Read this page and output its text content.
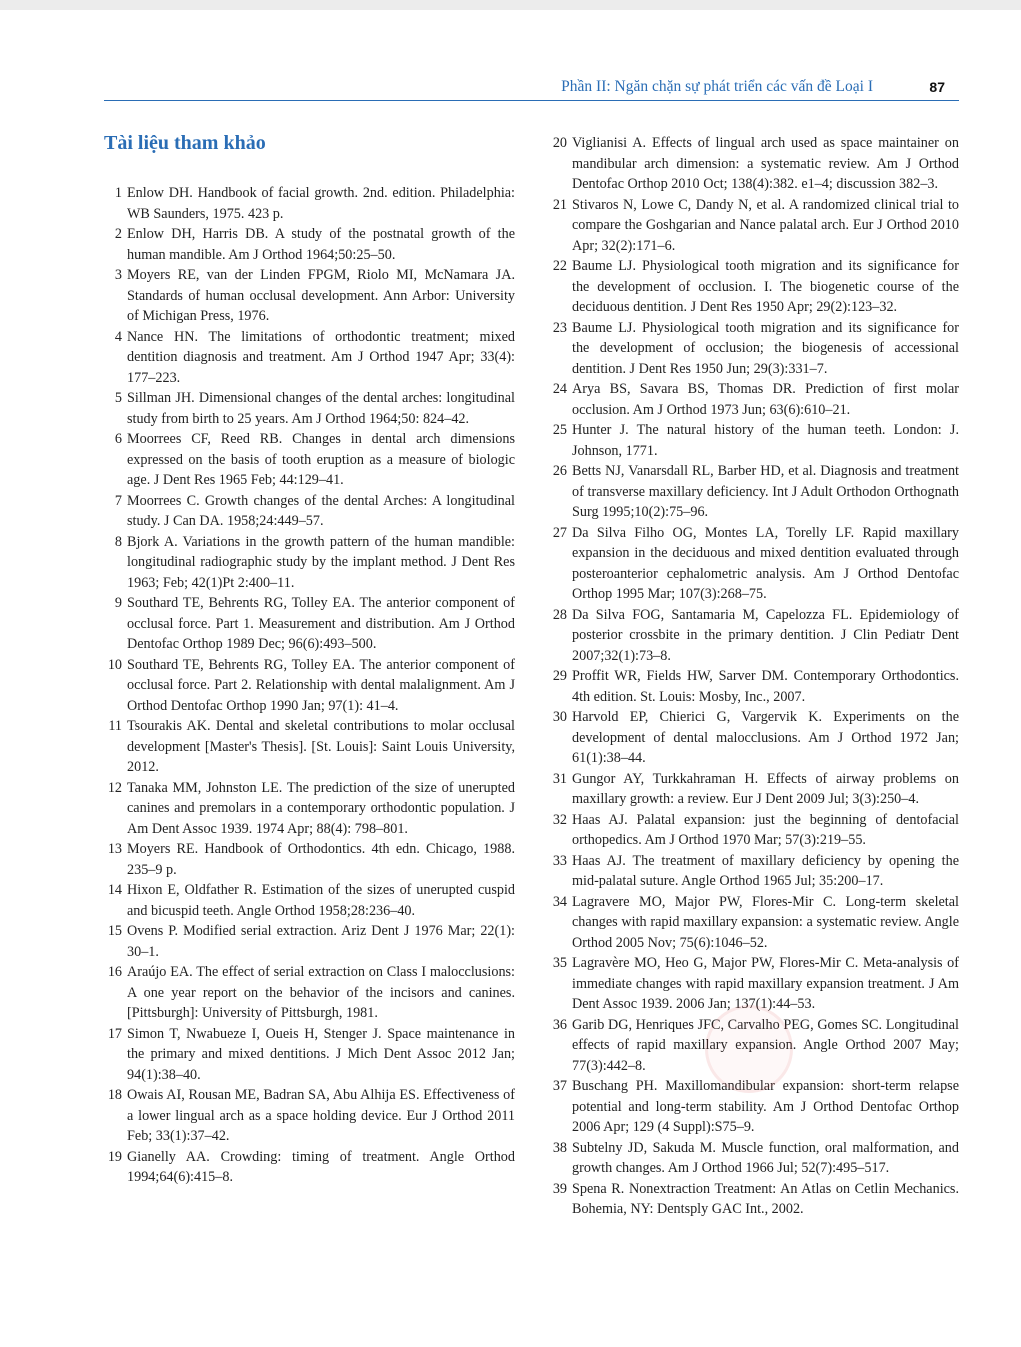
Phần II: Ngăn chặn sự phát triển các vấn đề Loại I	87
Tài liệu tham khảo
1 Enlow DH. Handbook of facial growth. 2nd. edition. Philadelphia: WB Saunders, 1975. 423 p.
2 Enlow DH, Harris DB. A study of the postnatal growth of the human mandible. Am J Orthod 1964;50:25–50.
3 Moyers RE, van der Linden FPGM, Riolo MI, McNamara JA. Standards of human occlusal development. Ann Arbor: University of Michigan Press, 1976.
4 Nance HN. The limitations of orthodontic treatment; mixed dentition diagnosis and treatment. Am J Orthod 1947 Apr; 33(4): 177–223.
5 Sillman JH. Dimensional changes of the dental arches: longitudinal study from birth to 25 years. Am J Orthod 1964;50: 824–42.
6 Moorrees CF, Reed RB. Changes in dental arch dimensions expressed on the basis of tooth eruption as a measure of biologic age. J Dent Res 1965 Feb; 44:129–41.
7 Moorrees C. Growth changes of the dental Arches: A longitudinal study. J Can DA. 1958;24:449–57.
8 Bjork A. Variations in the growth pattern of the human mandible: longitudinal radiographic study by the implant method. J Dent Res 1963; Feb; 42(1)Pt 2:400–11.
9 Southard TE, Behrents RG, Tolley EA. The anterior component of occlusal force. Part 1. Measurement and distribution. Am J Orthod Dentofac Orthop 1989 Dec; 96(6):493–500.
10 Southard TE, Behrents RG, Tolley EA. The anterior component of occlusal force. Part 2. Relationship with dental malalignment. Am J Orthod Dentofac Orthop 1990 Jan; 97(1): 41–4.
11 Tsourakis AK. Dental and skeletal contributions to molar occlusal development [Master's Thesis]. [St. Louis]: Saint Louis University, 2012.
12 Tanaka MM, Johnston LE. The prediction of the size of unerupted canines and premolars in a contemporary orthodontic population. J Am Dent Assoc 1939. 1974 Apr; 88(4): 798–801.
13 Moyers RE. Handbook of Orthodontics. 4th edn. Chicago, 1988. 235–9 p.
14 Hixon E, Oldfather R. Estimation of the sizes of unerupted cuspid and bicuspid teeth. Angle Orthod 1958;28:236–40.
15 Ovens P. Modified serial extraction. Ariz Dent J 1976 Mar; 22(1): 30–1.
16 Araújo EA. The effect of serial extraction on Class I malocclusions: A one year report on the behavior of the incisors and canines. [Pittsburgh]: University of Pittsburgh, 1981.
17 Simon T, Nwabueze I, Oueis H, Stenger J. Space maintenance in the primary and mixed dentitions. J Mich Dent Assoc 2012 Jan; 94(1):38–40.
18 Owais AI, Rousan ME, Badran SA, Abu Alhija ES. Effectiveness of a lower lingual arch as a space holding device. Eur J Orthod 2011 Feb; 33(1):37–42.
19 Gianelly AA. Crowding: timing of treatment. Angle Orthod 1994;64(6):415–8.
20 Viglianisi A. Effects of lingual arch used as space maintainer on mandibular arch dimension: a systematic review. Am J Orthod Dentofac Orthop 2010 Oct; 138(4):382. e1–4; discussion 382–3.
21 Stivaros N, Lowe C, Dandy N, et al. A randomized clinical trial to compare the Goshgarian and Nance palatal arch. Eur J Orthod 2010 Apr; 32(2):171–6.
22 Baume LJ. Physiological tooth migration and its significance for the development of occlusion. I. The biogenetic course of the deciduous dentition. J Dent Res 1950 Apr; 29(2):123–32.
23 Baume LJ. Physiological tooth migration and its significance for the development of occlusion; the biogenesis of accessional dentition. J Dent Res 1950 Jun; 29(3):331–7.
24 Arya BS, Savara BS, Thomas DR. Prediction of first molar occlusion. Am J Orthod 1973 Jun; 63(6):610–21.
25 Hunter J. The natural history of the human teeth. London: J. Johnson, 1771.
26 Betts NJ, Vanarsdall RL, Barber HD, et al. Diagnosis and treatment of transverse maxillary deficiency. Int J Adult Orthodon Orthognath Surg 1995;10(2):75–96.
27 Da Silva Filho OG, Montes LA, Torelly LF. Rapid maxillary expansion in the deciduous and mixed dentition evaluated through posteroanterior cephalometric analysis. Am J Orthod Dentofac Orthop 1995 Mar; 107(3):268–75.
28 Da Silva FOG, Santamaria M, Capelozza FL. Epidemiology of posterior crossbite in the primary dentition. J Clin Pediatr Dent 2007;32(1):73–8.
29 Proffit WR, Fields HW, Sarver DM. Contemporary Orthodontics. 4th edition. St. Louis: Mosby, Inc., 2007.
30 Harvold EP, Chierici G, Vargervik K. Experiments on the development of dental malocclusions. Am J Orthod 1972 Jan; 61(1):38–44.
31 Gungor AY, Turkkahraman H. Effects of airway problems on maxillary growth: a review. Eur J Dent 2009 Jul; 3(3):250–4.
32 Haas AJ. Palatal expansion: just the beginning of dentofacial orthopedics. Am J Orthod 1970 Mar; 57(3):219–55.
33 Haas AJ. The treatment of maxillary deficiency by opening the mid-palatal suture. Angle Orthod 1965 Jul; 35:200–17.
34 Lagravere MO, Major PW, Flores-Mir C. Long-term skeletal changes with rapid maxillary expansion: a systematic review. Angle Orthod 2005 Nov; 75(6):1046–52.
35 Lagravère MO, Heo G, Major PW, Flores-Mir C. Meta-analysis of immediate changes with rapid maxillary expansion treatment. J Am Dent Assoc 1939. 2006 Jan; 137(1):44–53.
36 Garib DG, Henriques JFC, Carvalho PEG, Gomes SC. Longitudinal effects of rapid maxillary expansion. Angle Orthod 2007 May; 77(3):442–8.
37 Buschang PH. Maxillomandibular expansion: short-term relapse potential and long-term stability. Am J Orthod Dentofac Orthop 2006 Apr; 129 (4 Suppl):S75–9.
38 Subtelny JD, Sakuda M. Muscle function, oral malformation, and growth changes. Am J Orthod 1966 Jul; 52(7):495–517.
39 Spena R. Nonextraction Treatment: An Atlas on Cetlin Mechanics. Bohemia, NY: Dentsply GAC Int., 2002.
